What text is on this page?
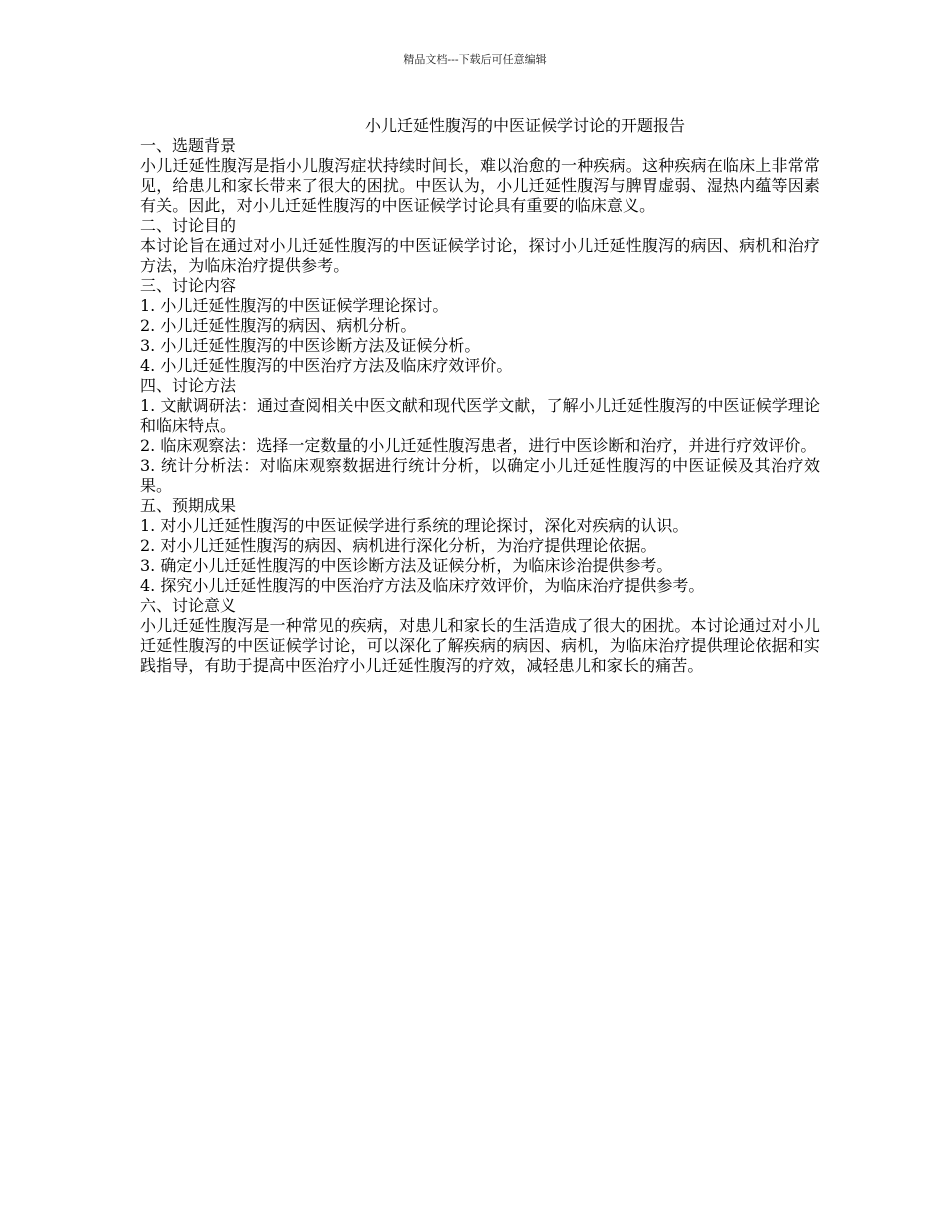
精品文档---下载后可任意编辑
小儿迁延性腹泻的中医证候学讨论的开题报告
一、选题背景

小儿迁延性腹泻是指小儿腹泻症状持续时间长，难以治愈的一种疾病。这种疾病在临床上非常常见，给患儿和家长带来了很大的困扰。中医认为，小儿迁延性腹泻与脾胃虚弱、湿热内蕴等因素有关。因此，对小儿迁延性腹泻的中医证候学讨论具有重要的临床意义。

二、讨论目的

本讨论旨在通过对小儿迁延性腹泻的中医证候学讨论，探讨小儿迁延性腹泻的病因、病机和治疗方法，为临床治疗提供参考。

三、讨论内容

1. 小儿迁延性腹泻的中医证候学理论探讨。

2. 小儿迁延性腹泻的病因、病机分析。

3. 小儿迁延性腹泻的中医诊断方法及证候分析。

4. 小儿迁延性腹泻的中医治疗方法及临床疗效评价。

四、讨论方法

1. 文献调研法：通过查阅相关中医文献和现代医学文献，了解小儿迁延性腹泻的中医证候学理论和临床特点。

2. 临床观察法：选择一定数量的小儿迁延性腹泻患者，进行中医诊断和治疗，并进行疗效评价。

3. 统计分析法：对临床观察数据进行统计分析，以确定小儿迁延性腹泻的中医证候及其治疗效果。

五、预期成果

1. 对小儿迁延性腹泻的中医证候学进行系统的理论探讨，深化对疾病的认识。

2. 对小儿迁延性腹泻的病因、病机进行深化分析，为治疗提供理论依据。

3. 确定小儿迁延性腹泻的中医诊断方法及证候分析，为临床诊治提供参考。

4. 探究小儿迁延性腹泻的中医治疗方法及临床疗效评价，为临床治疗提供参考。

六、讨论意义

小儿迁延性腹泻是一种常见的疾病，对患儿和家长的生活造成了很大的困扰。本讨论通过对小儿迁延性腹泻的中医证候学讨论，可以深化了解疾病的病因、病机，为临床治疗提供理论依据和实践指导，有助于提高中医治疗小儿迁延性腹泻的疗效，减轻患儿和家长的痛苦。
